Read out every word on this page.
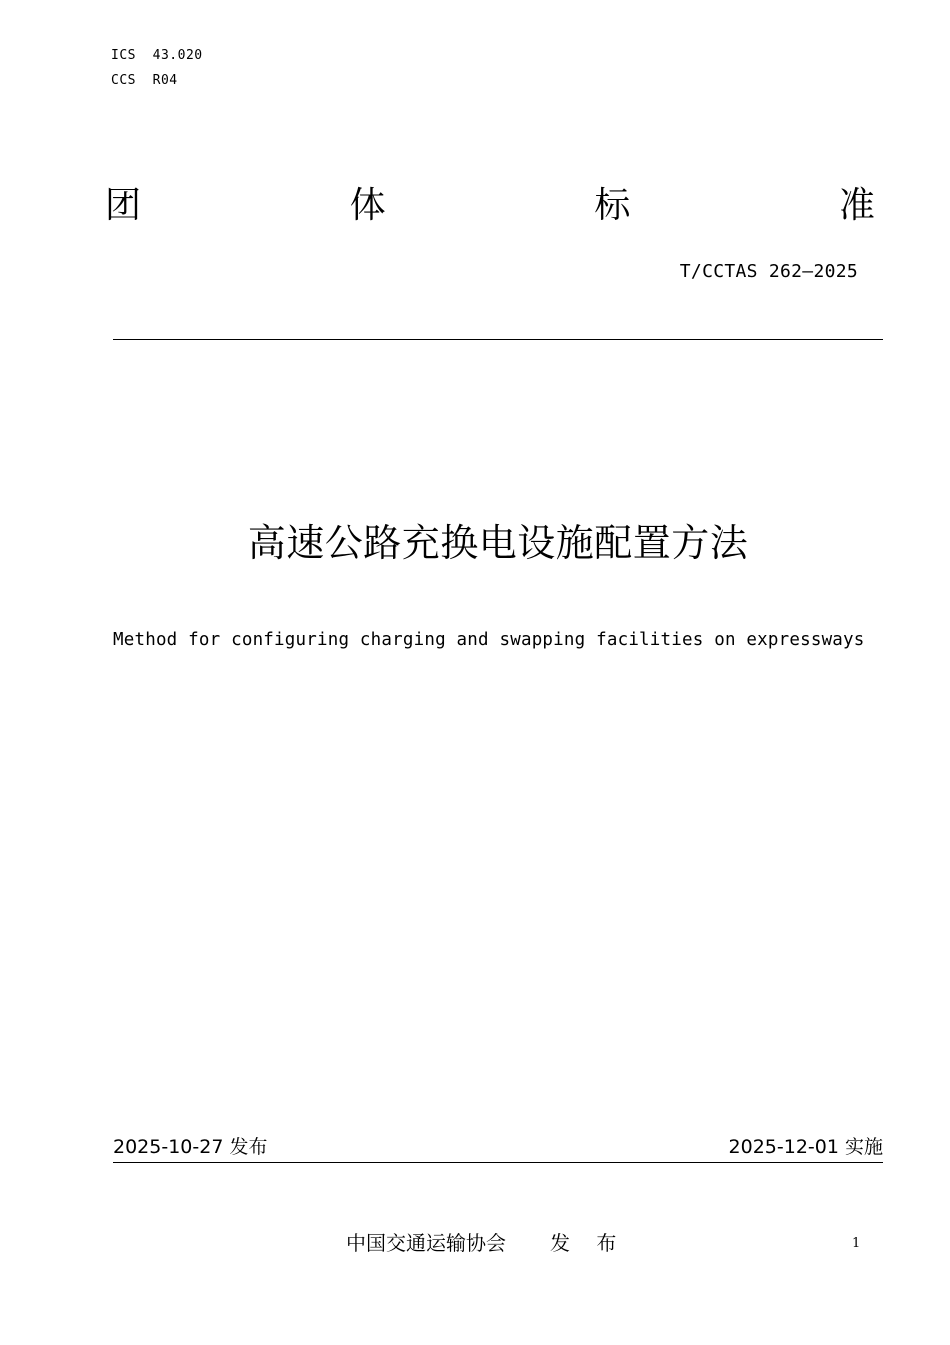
ICS  43.020
CCS  R04
团	体	标	准
T/CCTAS 262—2025
高速公路充换电设施配置方法
Method for configuring charging and swapping facilities on expressways
2025-10-27 发布	2025-12-01 实施
中国交通运输协会 发 布	1
